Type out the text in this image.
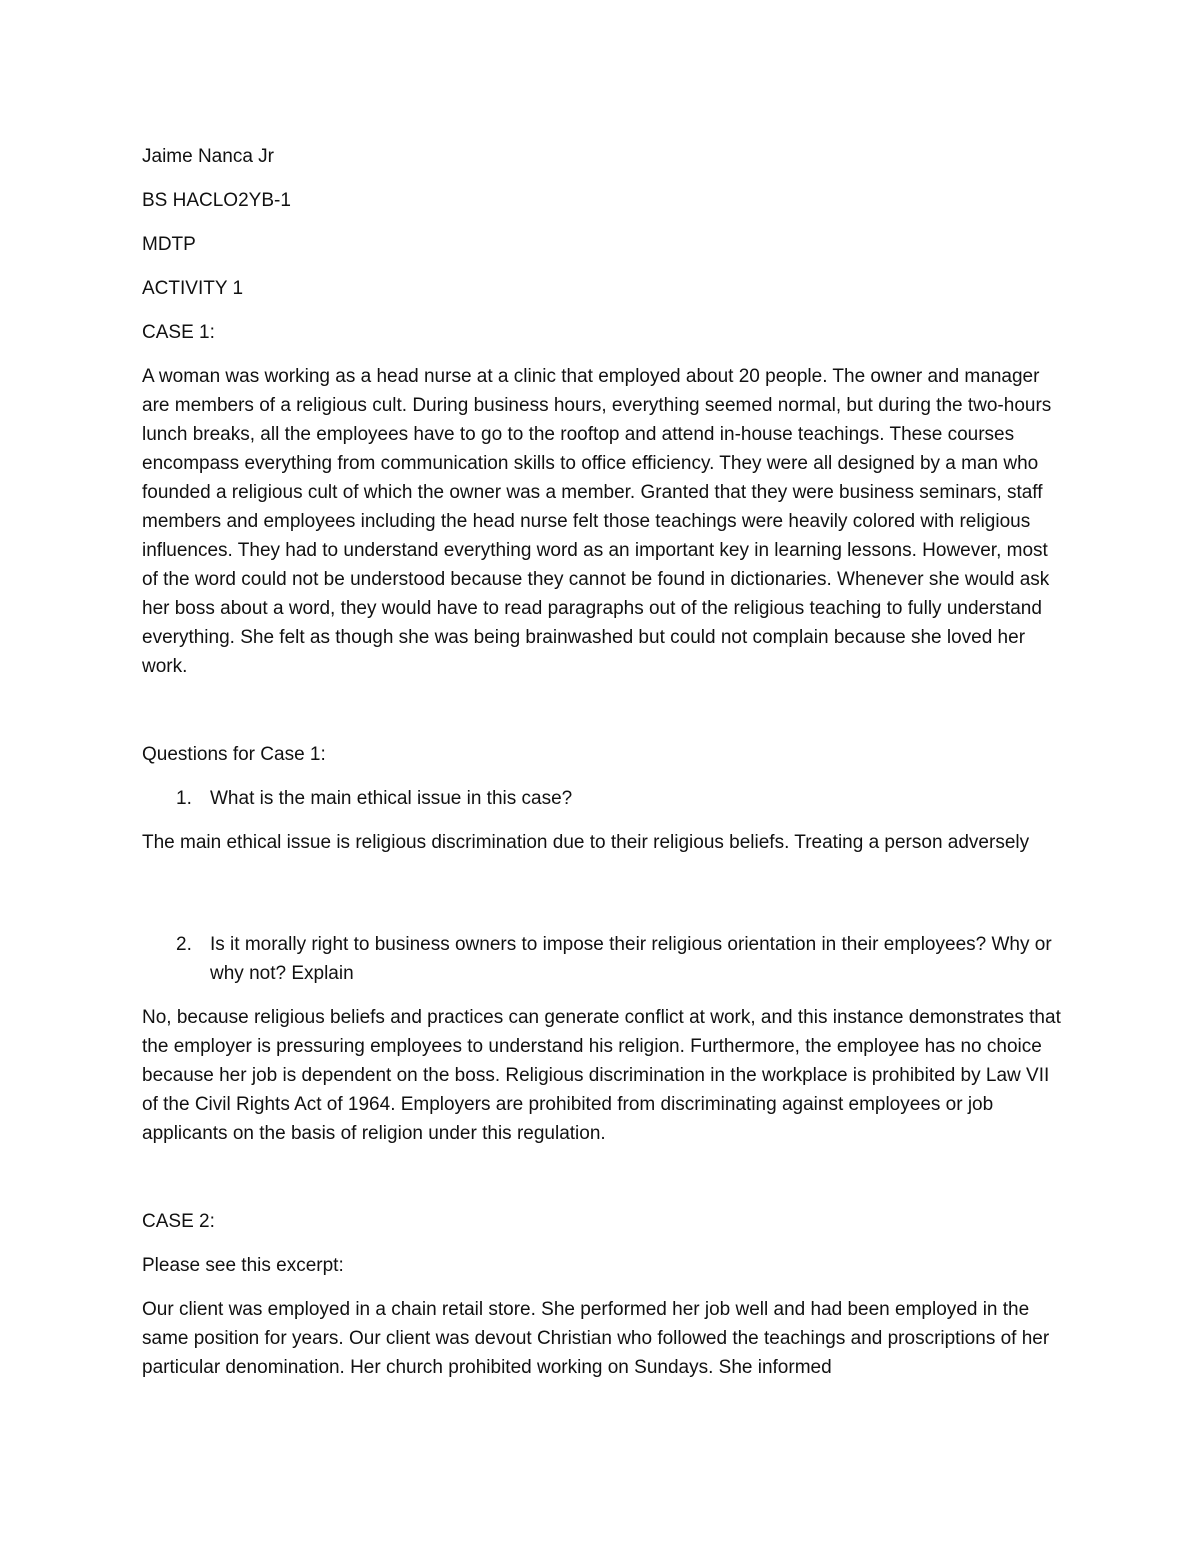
Jaime Nanca Jr

BS HACLO2YB-1

MDTP

ACTIVITY 1

CASE 1:

A woman was working as a head nurse at a clinic that employed about 20 people. The owner and manager are members of a religious cult. During business hours, everything seemed normal, but during the two-hours lunch breaks, all the employees have to go to the rooftop and attend in-house teachings. These courses encompass everything from communication skills to office efficiency. They were all designed by a man who founded a religious cult of which the owner was a member. Granted that they were business seminars, staff members and employees including the head nurse felt those teachings were heavily colored with religious influences. They had to understand everything word as an important key in learning lessons. However, most of the word could not be understood because they cannot be found in dictionaries. Whenever she would ask her boss about a word, they would have to read paragraphs out of the religious teaching to fully understand everything. She felt as though she was being brainwashed but could not complain because she loved her work.

Questions for Case 1:

1. What is the main ethical issue in this case?

The main ethical issue is religious discrimination due to their religious beliefs. Treating a person adversely

2. Is it morally right to business owners to impose their religious orientation in their employees? Why or why not? Explain

No, because religious beliefs and practices can generate conflict at work, and this instance demonstrates that the employer is pressuring employees to understand his religion. Furthermore, the employee has no choice because her job is dependent on the boss. Religious discrimination in the workplace is prohibited by Law VII of the Civil Rights Act of 1964. Employers are prohibited from discriminating against employees or job applicants on the basis of religion under this regulation.

CASE 2:

Please see this excerpt:

Our client was employed in a chain retail store. She performed her job well and had been employed in the same position for years. Our client was devout Christian who followed the teachings and proscriptions of her particular denomination. Her church prohibited working on Sundays. She informed
